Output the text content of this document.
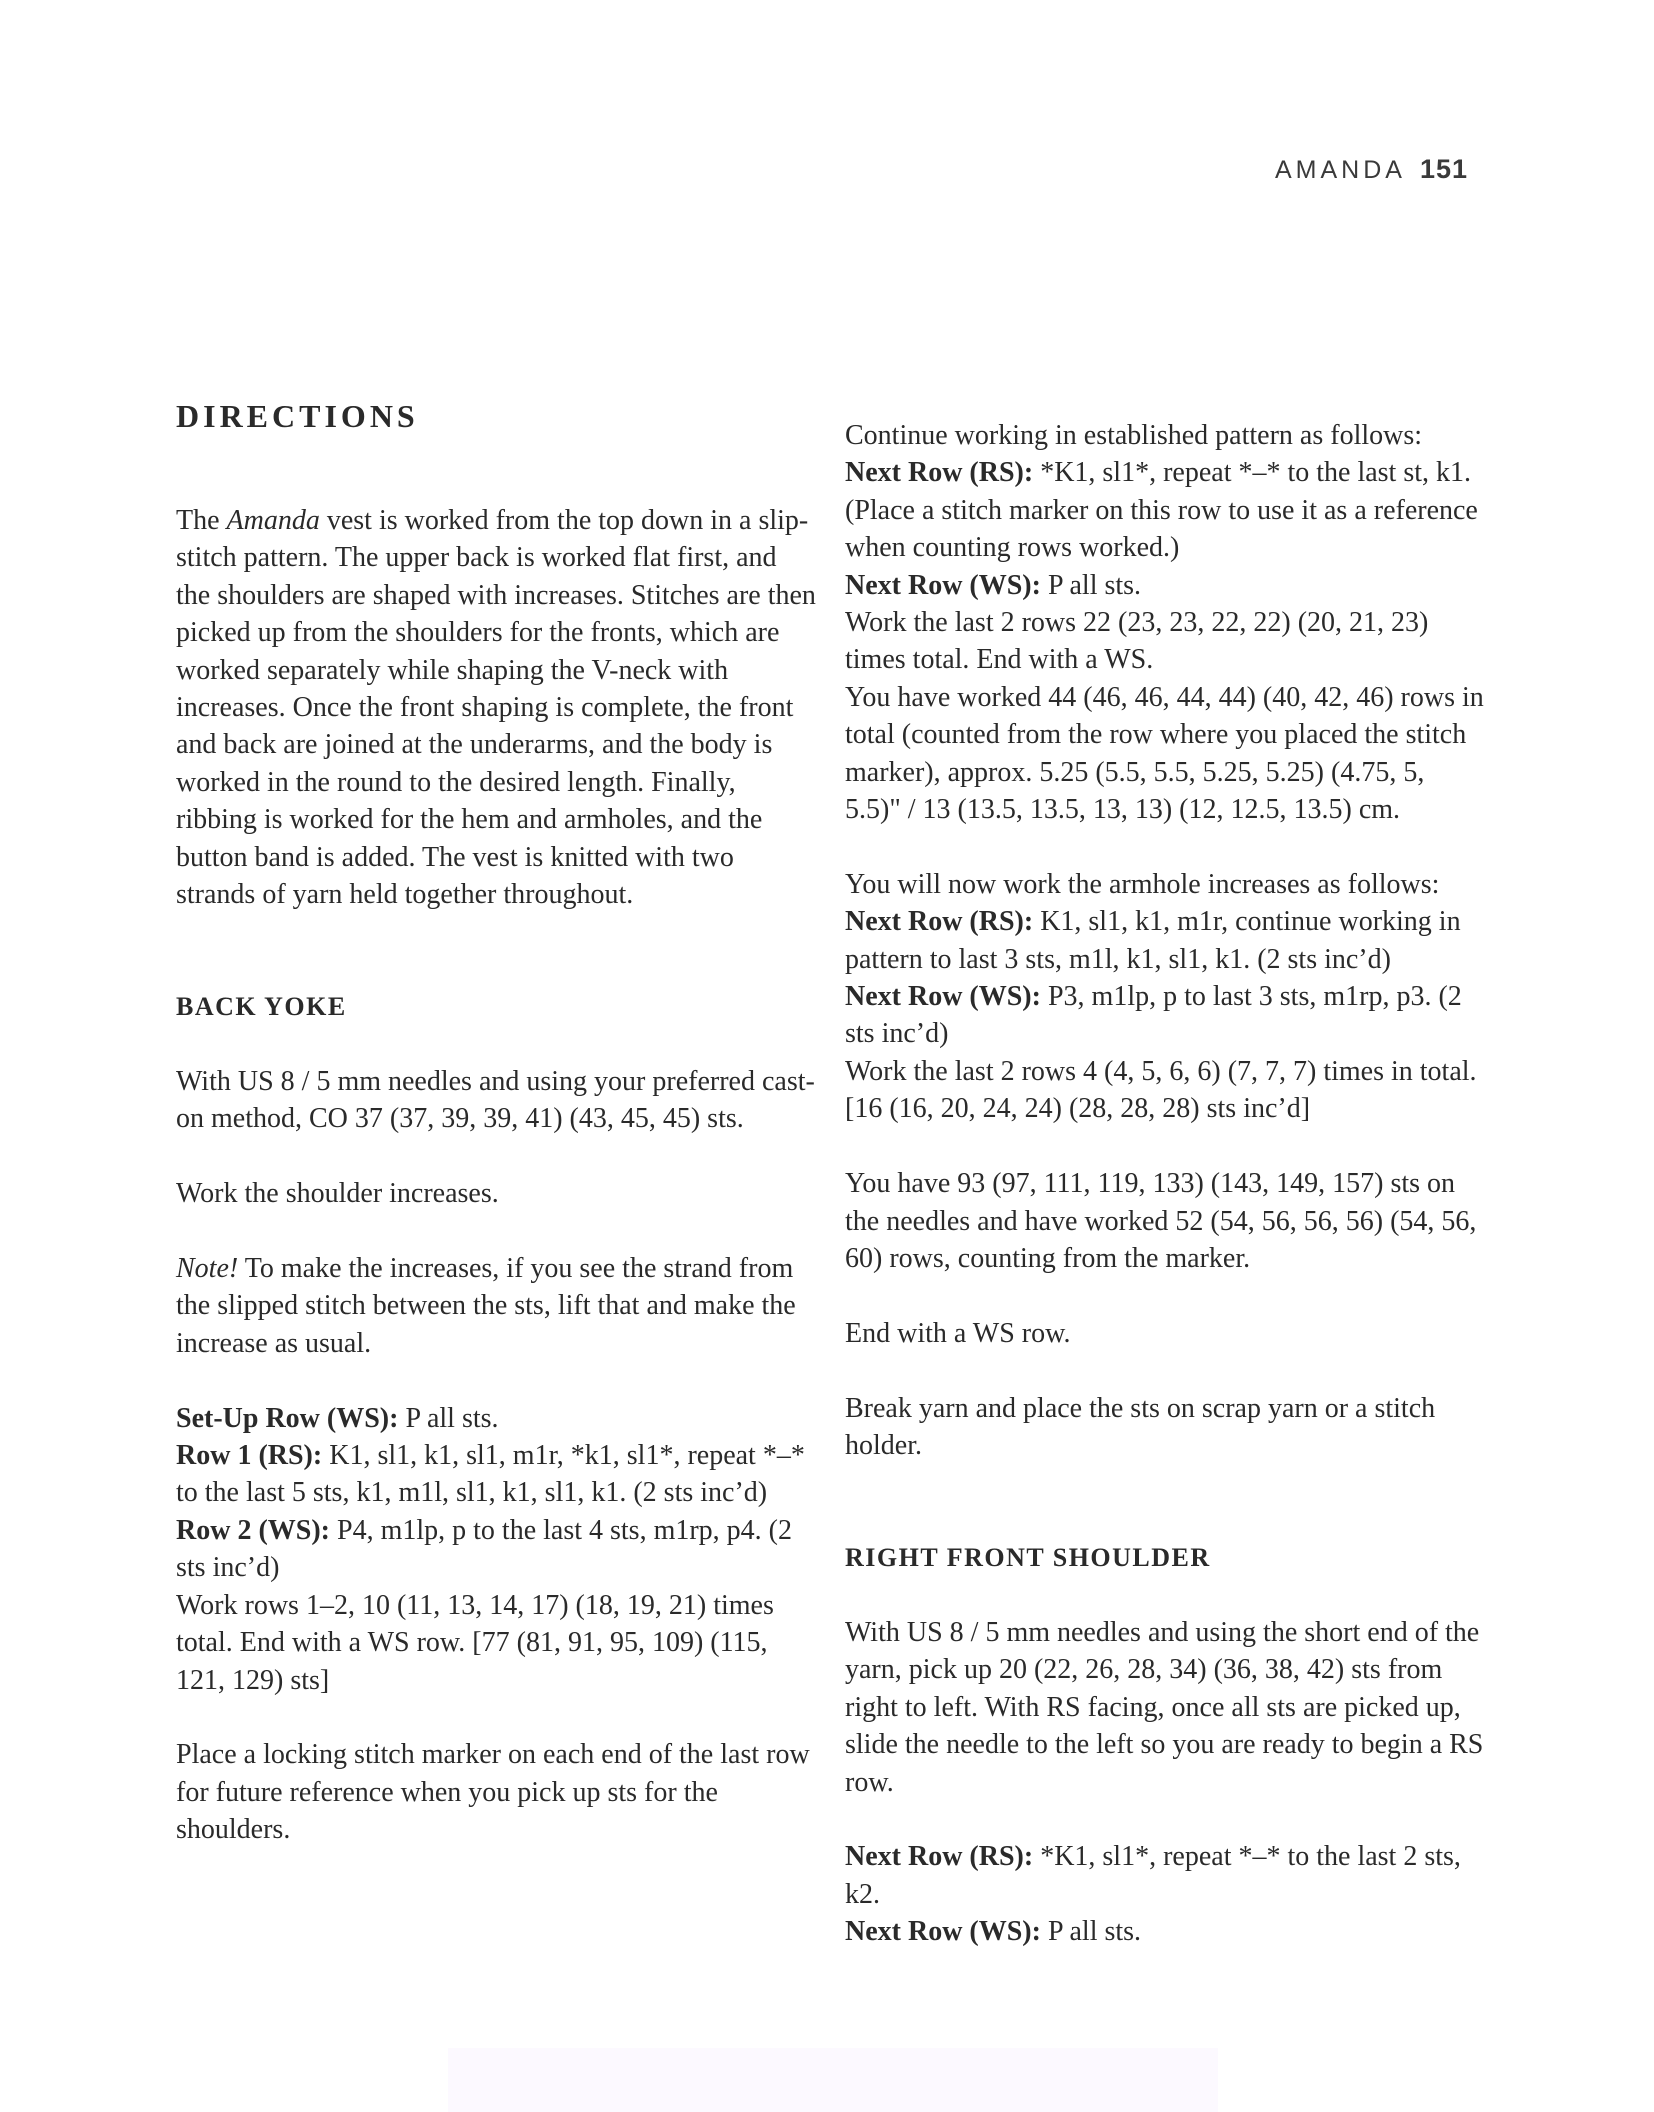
AMANDA 151
DIRECTIONS

The Amanda vest is worked from the top down in a slip-stitch pattern. The upper back is worked flat first, and the shoulders are shaped with increases. Stitches are then picked up from the shoulders for the fronts, which are worked separately while shaping the V-neck with increases. Once the front shaping is complete, the front and back are joined at the underarms, and the body is worked in the round to the desired length. Finally, ribbing is worked for the hem and armholes, and the button band is added. The vest is knitted with two strands of yarn held together throughout.

BACK YOKE

With US 8 / 5 mm needles and using your preferred cast-on method, CO 37 (37, 39, 39, 41) (43, 45, 45) sts.

Work the shoulder increases.

Note! To make the increases, if you see the strand from the slipped stitch between the sts, lift that and make the increase as usual.

Set-Up Row (WS): P all sts.

Row 1 (RS): K1, sl1, k1, sl1, m1r, *k1, sl1*, repeat *–* to the last 5 sts, k1, m1l, sl1, k1, sl1, k1. (2 sts inc’d)

Row 2 (WS): P4, m1lp, p to the last 4 sts, m1rp, p4. (2 sts inc’d)

Work rows 1–2, 10 (11, 13, 14, 17) (18, 19, 21) times total. End with a WS row. [77 (81, 91, 95, 109) (115, 121, 129) sts]

Place a locking stitch marker on each end of the last row for future reference when you pick up sts for the shoulders.

Continue working in established pattern as follows:

Next Row (RS): *K1, sl1*, repeat *–* to the last st, k1. (Place a stitch marker on this row to use it as a reference when counting rows worked.)

Next Row (WS): P all sts.

Work the last 2 rows 22 (23, 23, 22, 22) (20, 21, 23) times total. End with a WS.

You have worked 44 (46, 46, 44, 44) (40, 42, 46) rows in total (counted from the row where you placed the stitch marker), approx. 5.25 (5.5, 5.5, 5.25, 5.25) (4.75, 5, 5.5)" / 13 (13.5, 13.5, 13, 13) (12, 12.5, 13.5) cm.

You will now work the armhole increases as follows:

Next Row (RS): K1, sl1, k1, m1r, continue working in pattern to last 3 sts, m1l, k1, sl1, k1. (2 sts inc’d)

Next Row (WS): P3, m1lp, p to last 3 sts, m1rp, p3. (2 sts inc’d)

Work the last 2 rows 4 (4, 5, 6, 6) (7, 7, 7) times in total. [16 (16, 20, 24, 24) (28, 28, 28) sts inc’d]

You have 93 (97, 111, 119, 133) (143, 149, 157) sts on the needles and have worked 52 (54, 56, 56, 56) (54, 56, 60) rows, counting from the marker.

End with a WS row.

Break yarn and place the sts on scrap yarn or a stitch holder.

RIGHT FRONT SHOULDER

With US 8 / 5 mm needles and using the short end of the yarn, pick up 20 (22, 26, 28, 34) (36, 38, 42) sts from right to left. With RS facing, once all sts are picked up, slide the needle to the left so you are ready to begin a RS row.

Next Row (RS): *K1, sl1*, repeat *–* to the last 2 sts, k2.

Next Row (WS): P all sts.
